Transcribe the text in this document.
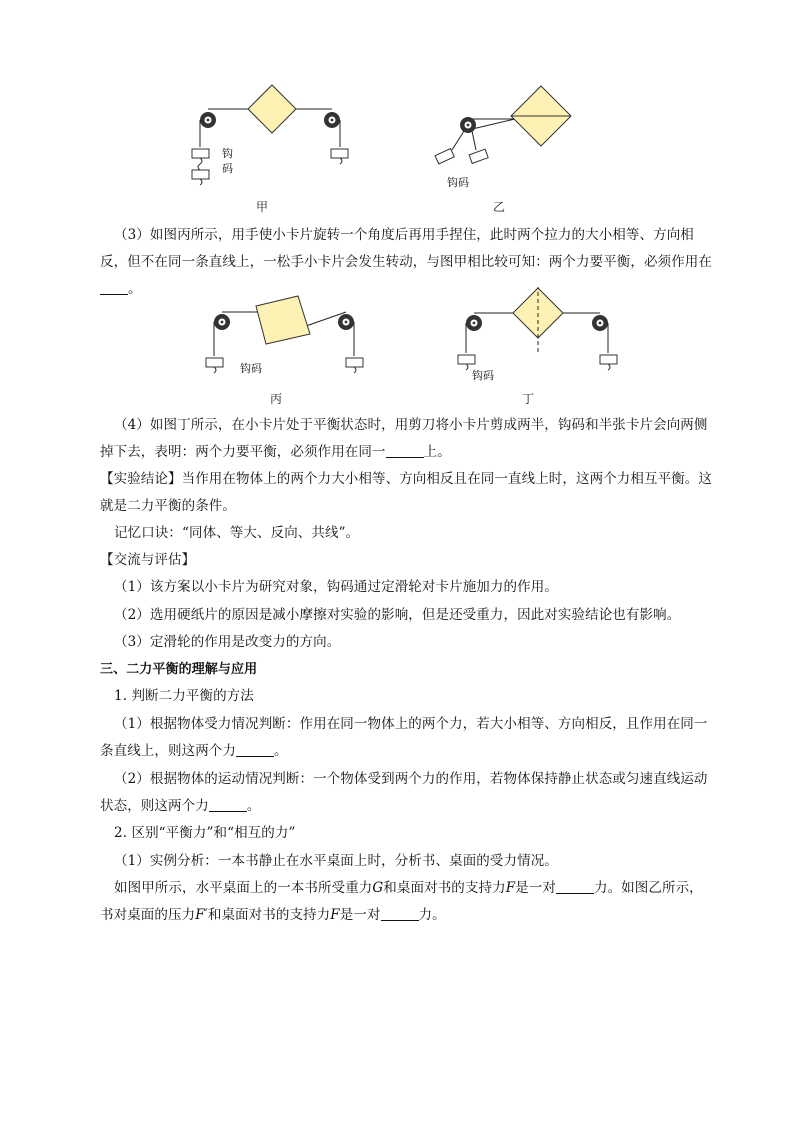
钩码
甲
钩码
乙
（3）如图丙所示，用手使小卡片旋转一个角度后再用手捏住，此时两个拉力的大小相等、方向相反，但不在同一条直线上，一松手小卡片会发生转动，与图甲相比较可知：两个力要平衡，必须作用在。
钩码
丙
钩码
丁
（4）如图丁所示，在小卡片处于平衡状态时，用剪刀将小卡片剪成两半，钩码和半张卡片会向两侧掉下去，表明：两个力要平衡，必须作用在同一	上。
【实验结论】当作用在物体上的两个力大小相等、方向相反且在同一直线上时，这两个力相互平衡。这就是二力平衡的条件。
记忆口诀：“同体、等大、反向、共线”。
【交流与评估】
（1）该方案以小卡片为研究对象，钩码通过定滑轮对卡片施加力的作用。
（2）选用硬纸片的原因是减小摩擦对实验的影响，但是还受重力，因此对实验结论也有影响。
（3）定滑轮的作用是改变力的方向。
三、二力平衡的理解与应用
1. 判断二力平衡的方法
（1）根据物体受力情况判断：作用在同一物体上的两个力，若大小相等、方向相反，且作用在同一条直线上，则这两个力	。
（2）根据物体的运动情况判断：一个物体受到两个力的作用，若物体保持静止状态或匀速直线运动状态，则这两个力	。
2. 区别“平衡力”和“相互的力”
（1）实例分析：一本书静止在水平桌面上时，分析书、桌面的受力情况。
如图甲所示，水平桌面上的一本书所受重力G和桌面对书的支持力F是一对	力。如图乙所示，书对桌面的压力F′和桌面对书的支持力F是一对	力。
